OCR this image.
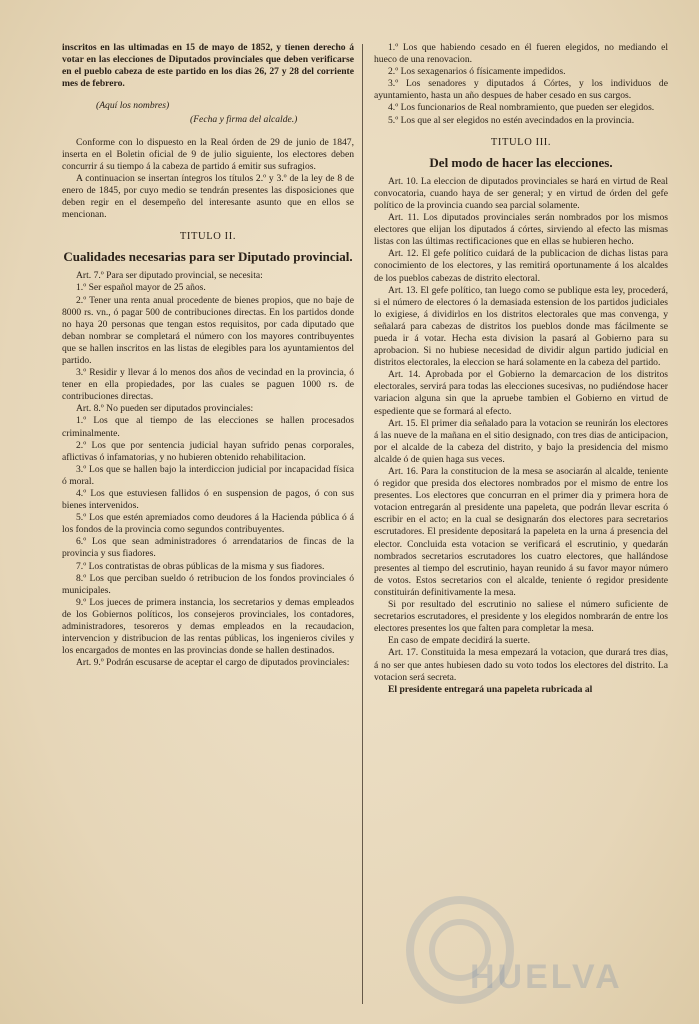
inscritos en las ultimadas en 15 de mayo de 1852, y tienen derecho á votar en las elecciones de Diputados provinciales que deben verificarse en el pueblo cabeza de este partido en los dias 26, 27 y 28 del corriente mes de febrero.

(Aquí los nombres)

(Fecha y firma del alcalde.)

Conforme con lo dispuesto en la Real órden de 29 de junio de 1847, inserta en el Boletin oficial de 9 de julio siguiente, los electores deben concurrir á su tiempo á la cabeza de partido á emitir sus sufragios.

A continuacion se insertan íntegros los títulos 2.º y 3.º de la ley de 8 de enero de 1845, por cuyo medio se tendrán presentes las disposiciones que deben regir en el desempeño del interesante asunto que en ellos se mencionan.

TITULO II.

Cualidades necesarias para ser Diputado provincial.

Art. 7.º Para ser diputado provincial, se necesita:

1.º Ser español mayor de 25 años.

2.º Tener una renta anual procedente de bienes propios, que no baje de 8000 rs. vn., ó pagar 500 de contribuciones directas. En los partidos donde no haya 20 personas que tengan estos requisitos, por cada diputado que deban nombrar se completará el número con los mayores contribuyentes que se hallen inscritos en las listas de elegibles para los ayuntamientos del partido.

3.º Residir y llevar á lo menos dos años de vecindad en la provincia, ó tener en ella propiedades, por las cuales se paguen 1000 rs. de contribuciones directas.

Art. 8.º No pueden ser diputados provinciales:

1.º Los que al tiempo de las elecciones se hallen procesados criminalmente.

2.º Los que por sentencia judicial hayan sufrido penas corporales, aflictivas ó infamatorias, y no hubieren obtenido rehabilitacion.

3.º Los que se hallen bajo la interdiccion judicial por incapacidad física ó moral.

4.º Los que estuviesen fallidos ó en suspension de pagos, ó con sus bienes intervenidos.

5.º Los que estén apremiados como deudores á la Hacienda pública ó á los fondos de la provincia como segundos contribuyentes.

6.º Los que sean administradores ó arrendatarios de fincas de la provincia y sus fiadores.

7.º Los contratistas de obras públicas de la misma y sus fiadores.

8.º Los que perciban sueldo ó retribucion de los fondos provinciales ó municipales.

9.º Los jueces de primera instancia, los secretarios y demas empleados de los Gobiernos políticos, los consejeros provinciales, los contadores, administradores, tesoreros y demas empleados en la recaudacion, intervencion y distribucion de las rentas públicas, los ingenieros civiles y los encargados de montes en las provincias donde se hallen destinados.

Art. 9.º Podrán escusarse de aceptar el cargo de diputados provinciales:

1.º Los que habiendo cesado en él fueren elegidos, no mediando el hueco de una renovacion.

2.º Los sexagenarios ó físicamente impedidos.

3.º Los senadores y diputados á Córtes, y los individuos de ayuntamiento, hasta un año despues de haber cesado en sus cargos.

4.º Los funcionarios de Real nombramiento, que pueden ser elegidos.

5.º Los que al ser elegidos no estén avecindados en la provincia.

TITULO III.

Del modo de hacer las elecciones.

Art. 10. La eleccion de diputados provinciales se hará en virtud de Real convocatoria, cuando haya de ser general; y en virtud de órden del gefe político de la provincia cuando sea parcial solamente.

Art. 11. Los diputados provinciales serán nombrados por los mismos electores que elijan los diputados á córtes, sirviendo al efecto las mismas listas con las últimas rectificaciones que en ellas se hubieren hecho.

Art. 12. El gefe político cuidará de la publicacion de dichas listas para conocimiento de los electores, y las remitirá oportunamente á los alcaldes de los pueblos cabezas de distrito electoral.

Art. 13. El gefe político, tan luego como se publique esta ley, procederá, si el número de electores ó la demasiada estension de los partidos judiciales lo exigiese, á dividirlos en los distritos electorales que mas convenga, y señalará para cabezas de distritos los pueblos donde mas fácilmente se pueda ir á votar. Hecha esta division la pasará al Gobierno para su aprobacion. Si no hubiese necesidad de dividir algun partido judicial en distritos electorales, la eleccion se hará solamente en la cabeza del partido.

Art. 14. Aprobada por el Gobierno la demarcacion de los distritos electorales, servirá para todas las elecciones sucesivas, no pudiéndose hacer variacion alguna sin que la apruebe tambien el Gobierno en virtud de espediente que se formará al efecto.

Art. 15. El primer dia señalado para la votacion se reunirán los electores á las nueve de la mañana en el sitio designado, con tres dias de anticipacion, por el alcalde de la cabeza del distrito, y bajo la presidencia del mismo alcalde ó de quien haga sus veces.

Art. 16. Para la constitucion de la mesa se asociarán al alcalde, teniente ó regidor que presida dos electores nombrados por el mismo de entre los presentes. Los electores que concurran en el primer dia y primera hora de votacion entregarán al presidente una papeleta, que podrán llevar escrita ó escribir en el acto; en la cual se designarán dos electores para secretarios escrutadores. El presidente depositará la papeleta en la urna á presencia del elector. Concluida esta votacion se verificará el escrutinio, y quedarán nombrados secretarios escrutadores los cuatro electores, que hallándose presentes al tiempo del escrutinio, hayan reunido á su favor mayor número de votos. Estos secretarios con el alcalde, teniente ó regidor presidente constituirán definitivamente la mesa.

Si por resultado del escrutinio no saliese el número suficiente de secretarios escrutadores, el presidente y los elegidos nombrarán de entre los electores presentes los que falten para completar la mesa.

En caso de empate decidirá la suerte.

Art. 17. Constituida la mesa empezará la votacion, que durará tres dias, á no ser que antes hubiesen dado su voto todos los electores del distrito. La votacion será secreta.

El presidente entregará una papeleta rubricada al

HUELVA
